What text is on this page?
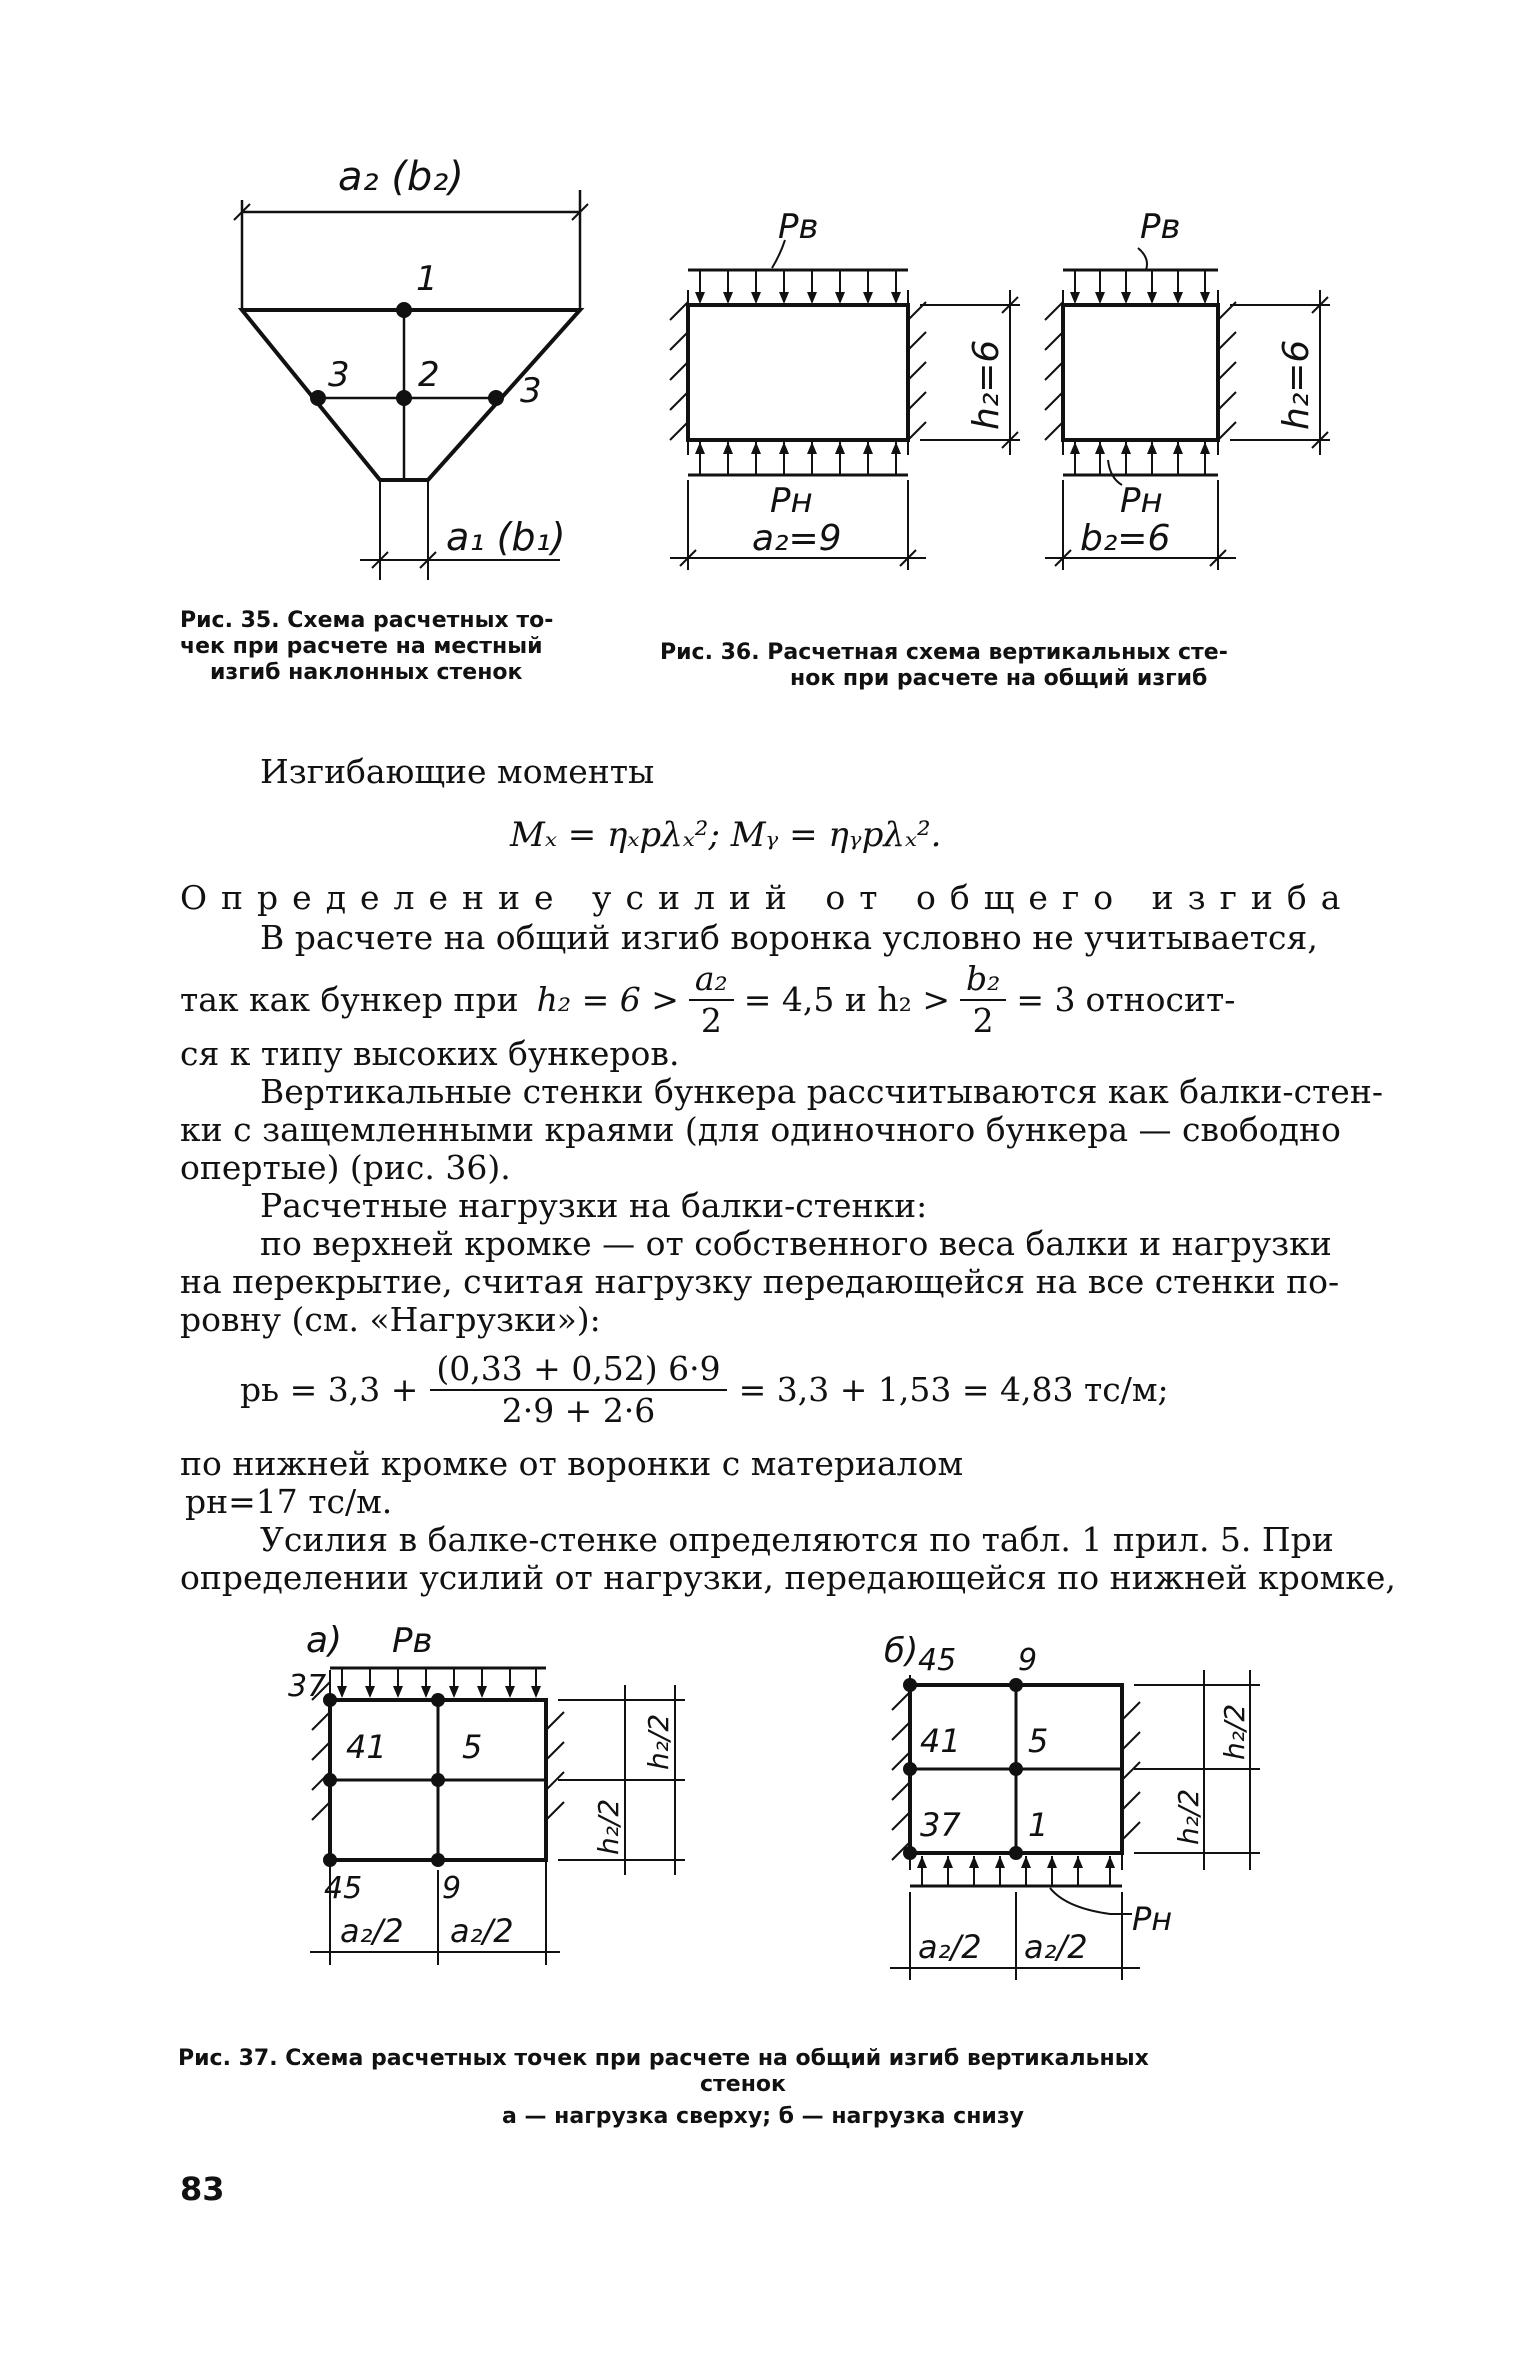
a₂ (b₂)
1
2
3	3
a₁ (b₁)
Рис. 35. Схема расчетных то-
чек при расчете на местный
изгиб наклонных стенок
Pв
Pн
a₂=9
h₂=6
Pв
Pн
b₂=6
h₂=6
Рис. 36. Расчетная схема вертикальных сте-
нок при расчете на общий изгиб
Изгибающие моменты
Mₓ = ηₓpλₓ²; Mᵧ = ηᵧpλₓ².
Определение усилий от общего изгиба
В расчете на общий изгиб воронка условно не учитывается,
так как бункер при $h_2 = 6 > \frac{\text{a₂}}{2} = 4,5$ и $h_2 > \frac{\text{b₂}}{2} = 3$ относит-
ся к типу высоких бункеров.
Вертикальные стенки бункера рассчитываются как балки-стен-
ки с защемленными краями (для одиночного бункера — свободно
опертые) (рис. 36).
Расчетные нагрузки на балки-стенки:
по верхней кромке — от собственного веса балки и нагрузки
на перекрытие, считая нагрузку передающейся на все стенки по-
ровну (см. «Нагрузки»):
pь = $3,3 + \frac{(0,33 + 0,52) 6\cdot 9}{2\cdot 9 + 2\cdot 6} = 3,3 + 1,53 = 4,83$ тс/м;
по нижней кромке от воронки с материалом
pн=17 тс/м.
Усилия в балке-стенке определяются по табл. 1 прил. 5. При
определении усилий от нагрузки, передающейся по нижней кромке,
a) Pв
37
41 5
45	9
h₂/2
h₂/2
a₂/2 a₂/2
б) 45 9
41 5
37 1
Pн
h₂/2
h₂/2
a₂/2 a₂/2
Рис. 37. Схема расчетных точек при расчете на общий изгиб вертикальных
стенок
а — нагрузка сверху; б — нагрузка снизу
83
